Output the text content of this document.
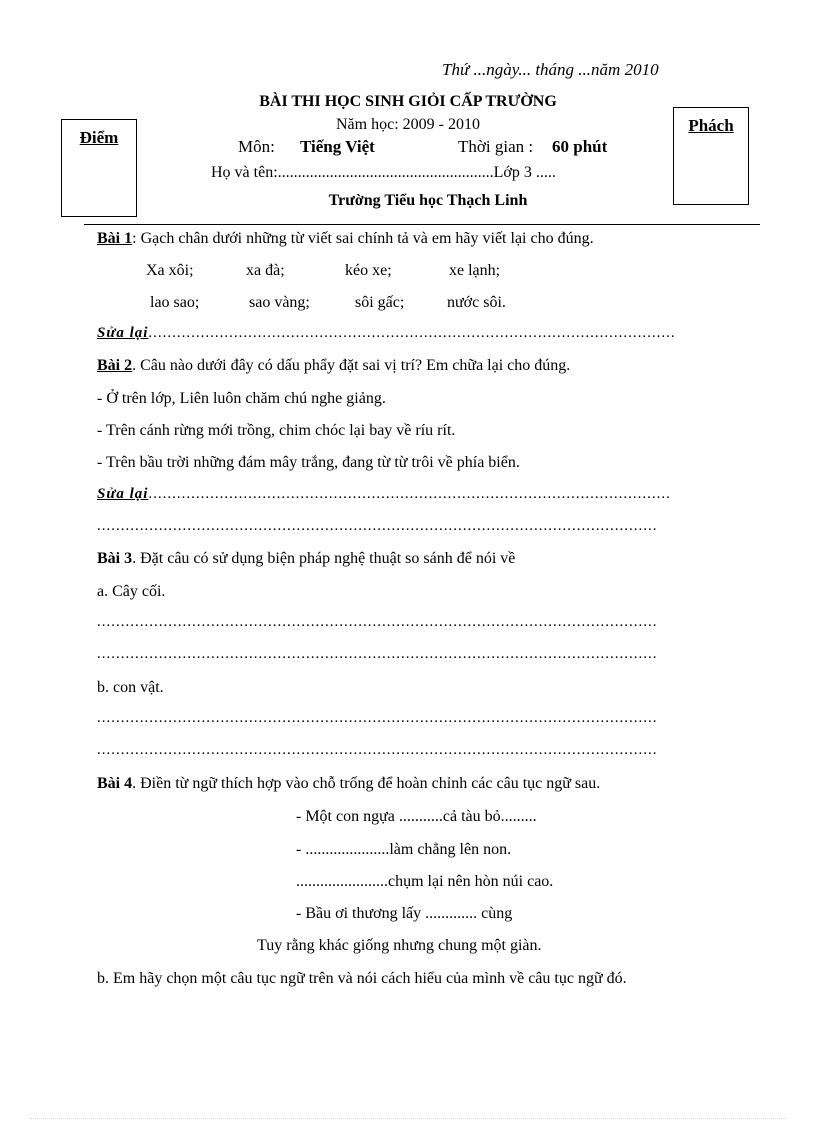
Thứ ...ngày... tháng ...năm 2010
BÀI THI HỌC SINH GIỎI CẤP TRƯỜNG
Năm học: 2009 - 2010
Điểm
Phách
Môn: Tiếng Việt	Thời gian : 60 phút
Họ và tên:......................................................Lớp 3 .....
Trường Tiểu học Thạch Linh
Bài 1: Gạch chân dưới những từ viết sai chính tả và em hãy viết lại cho đúng.
Xa xôi;	xa đà;	kéo xe;	xe lạnh;
lao sao;	sao vàng;	sôi gấc;	nước sôi.
Sửa lại...............................................................................................................
Bài 2. Câu nào dưới đây có dấu phẩy đặt sai vị trí? Em chữa lại cho đúng.
- Ở trên lớp, Liên luôn chăm chú nghe giảng.
- Trên cánh rừng mới trồng, chim chóc lại bay về ríu rít.
- Trên bầu trời những đám mây trắng, đang từ từ trôi về phía biển.
Sửa lại..............................................................................................................
......................................................................................................................
Bài 3. Đặt câu có sử dụng biện pháp nghệ thuật so sánh để nói về
a. Cây cối.
......................................................................................................................
......................................................................................................................
b. con vật.
......................................................................................................................
......................................................................................................................
Bài 4. Điền từ ngữ thích hợp vào chỗ trống để hoàn chỉnh các câu tục ngữ sau.
- Một con ngựa ...........cả tàu bỏ.........
- .....................làm chẳng lên non.
.......................chụm lại nên hòn núi cao.
- Bầu ơi thương lấy ............. cùng
Tuy rằng khác giống nhưng chung một giàn.
b. Em hãy chọn một câu tục ngữ trên và nói cách hiểu của mình về câu tục ngữ đó.
